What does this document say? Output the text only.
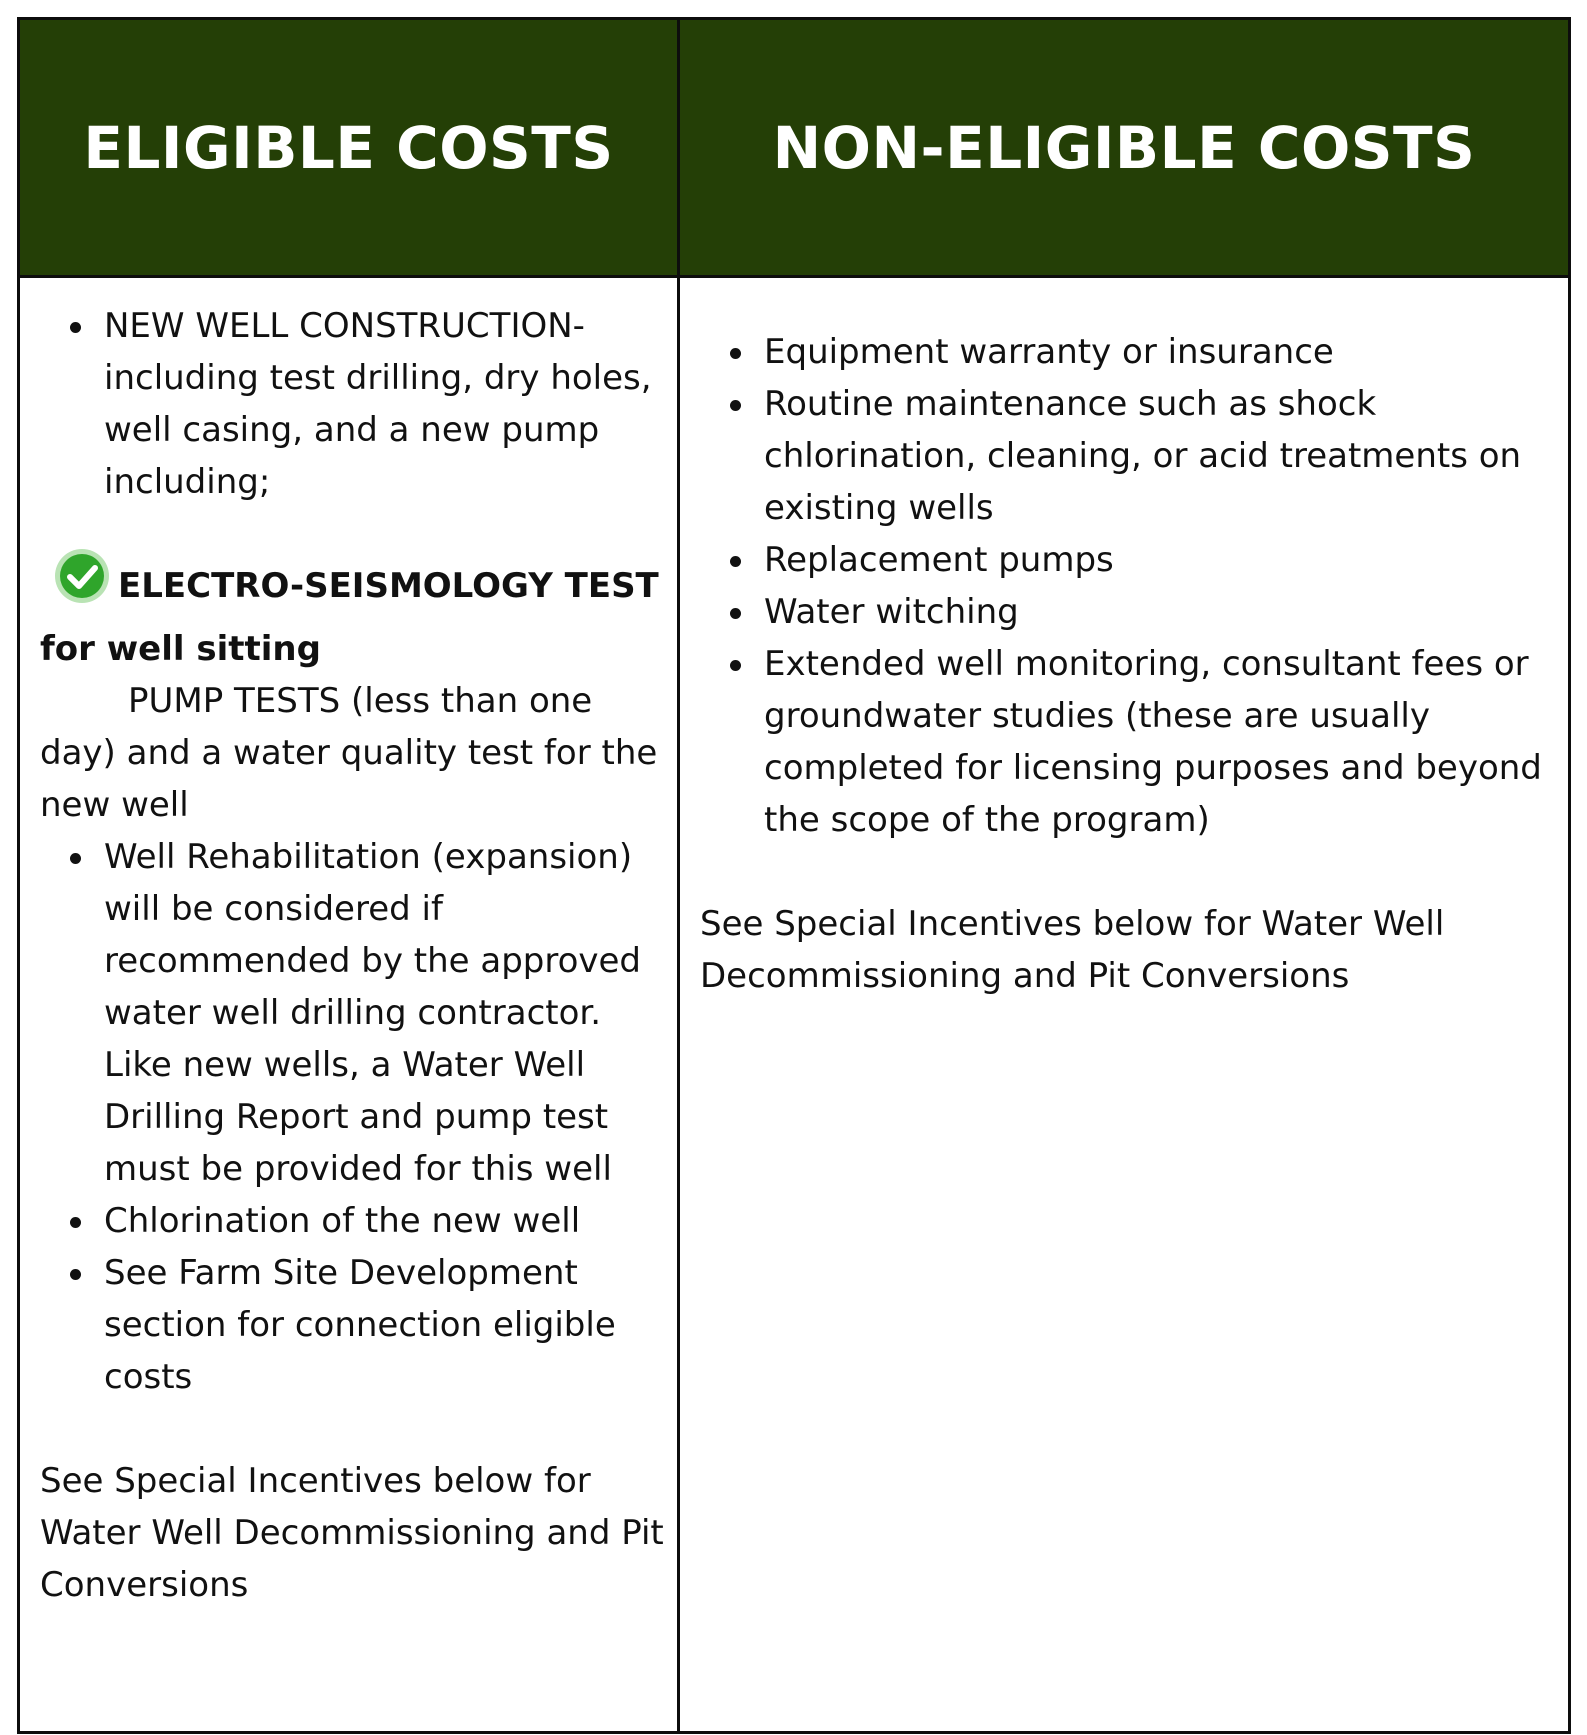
ELIGIBLE COSTS	NON-ELIGIBLE COSTS
NEW WELL CONSTRUCTION- including test drilling, dry holes, well casing, and a new pump including;
ELECTRO-SEISMOLOGY TEST
for well sitting

PUMP TESTS (less than one day) and a water quality test for the new well

Well Rehabilitation (expansion) will be considered if recommended by the approved water well drilling contractor. Like new wells, a Water Well Drilling Report and pump test must be provided for this well
Chlorination of the new well
See Farm Site Development section for connection eligible costs

See Special Incentives below for Water Well Decommissioning and Pit Conversions

Equipment warranty or insurance
Routine maintenance such as shock chlorination, cleaning, or acid treatments on existing wells
Replacement pumps
Water witching
Extended well monitoring, consultant fees or groundwater studies (these are usually completed for licensing purposes and beyond the scope of the program)

See Special Incentives below for Water Well Decommissioning and Pit Conversions
